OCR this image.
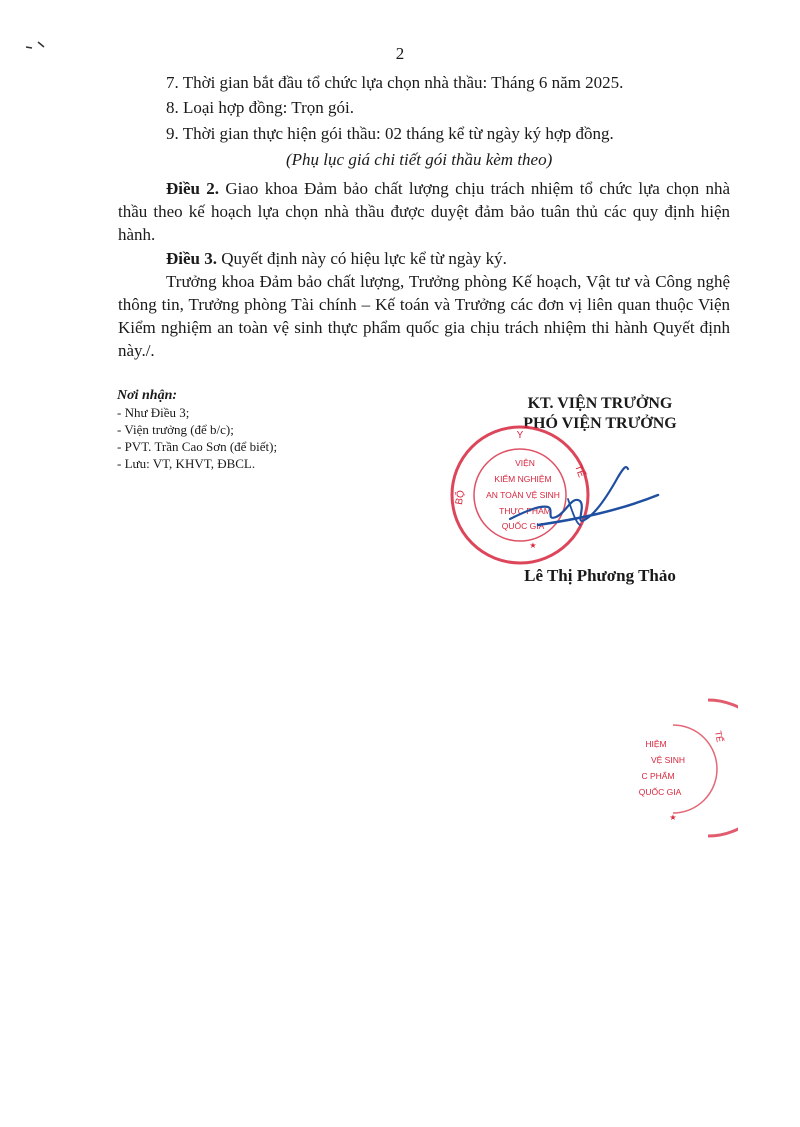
2
7. Thời gian bắt đầu tổ chức lựa chọn nhà thầu: Tháng 6 năm 2025.
8. Loại hợp đồng: Trọn gói.
9. Thời gian thực hiện gói thầu: 02 tháng kể từ ngày ký hợp đồng.
(Phụ lục giá chi tiết gói thầu kèm theo)
Điều 2. Giao khoa Đảm bảo chất lượng chịu trách nhiệm tổ chức lựa chọn nhà thầu theo kế hoạch lựa chọn nhà thầu được duyệt đảm bảo tuân thủ các quy định hiện hành.
Điều 3. Quyết định này có hiệu lực kể từ ngày ký.
Trưởng khoa Đảm bảo chất lượng, Trưởng phòng Kế hoạch, Vật tư và Công nghệ thông tin, Trưởng phòng Tài chính – Kế toán và Trưởng các đơn vị liên quan thuộc Viện Kiểm nghiệm an toàn vệ sinh thực phẩm quốc gia chịu trách nhiệm thi hành Quyết định này./.
Nơi nhận:
- Như Điều 3;
- Viện trưởng (để b/c);
- PVT. Trần Cao Sơn (để biết);
- Lưu: VT, KHVT, ĐBCL.
KT. VIỆN TRƯỞNG
PHÓ VIỆN TRƯỞNG
Y
TẾ
BỘ
VIỆN
KIỂM NGHIỆM
AN TOÀN VỆ SINH
THỰC PHẨM
QUỐC GIA
★
Lê Thị Phương Thảo
TẾ
HIỆM
VỆ SINH
C PHẨM
QUỐC GIA
★
